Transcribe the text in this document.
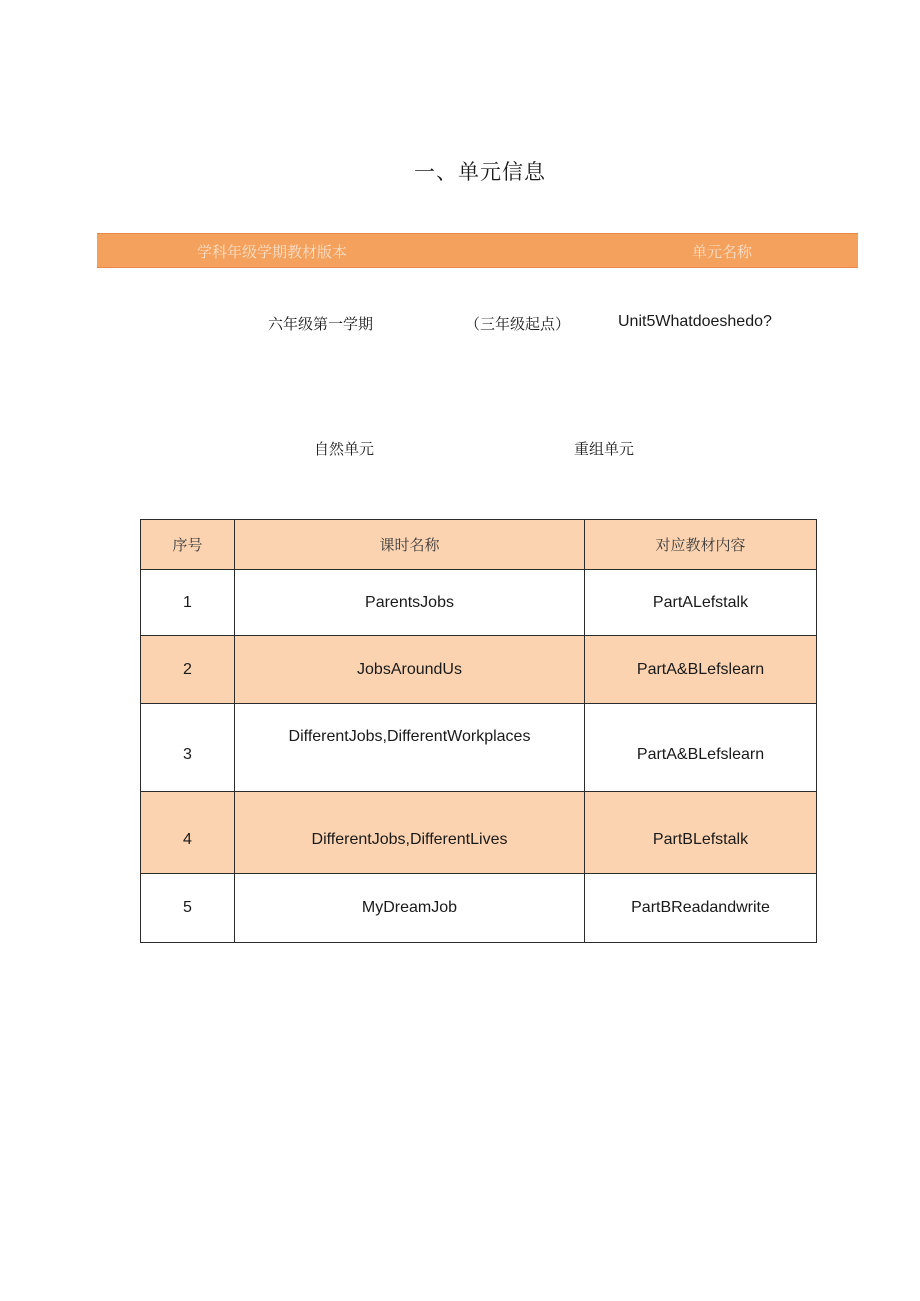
一、单元信息
学科年级学期教材版本	单元名称
六年级第一学期	（三年级起点）	Unit5Whatdoeshedo?
自然单元	重组单元
序号	课时名称	对应教材内容
1	ParentsJobs	PartALefstalk
2	JobsAroundUs	PartA&BLefslearn
3	DifferentJobs,DifferentWorkplaces	PartA&BLefslearn
4	DifferentJobs,DifferentLives	PartBLefstalk
5	MyDreamJob	PartBReadandwrite
